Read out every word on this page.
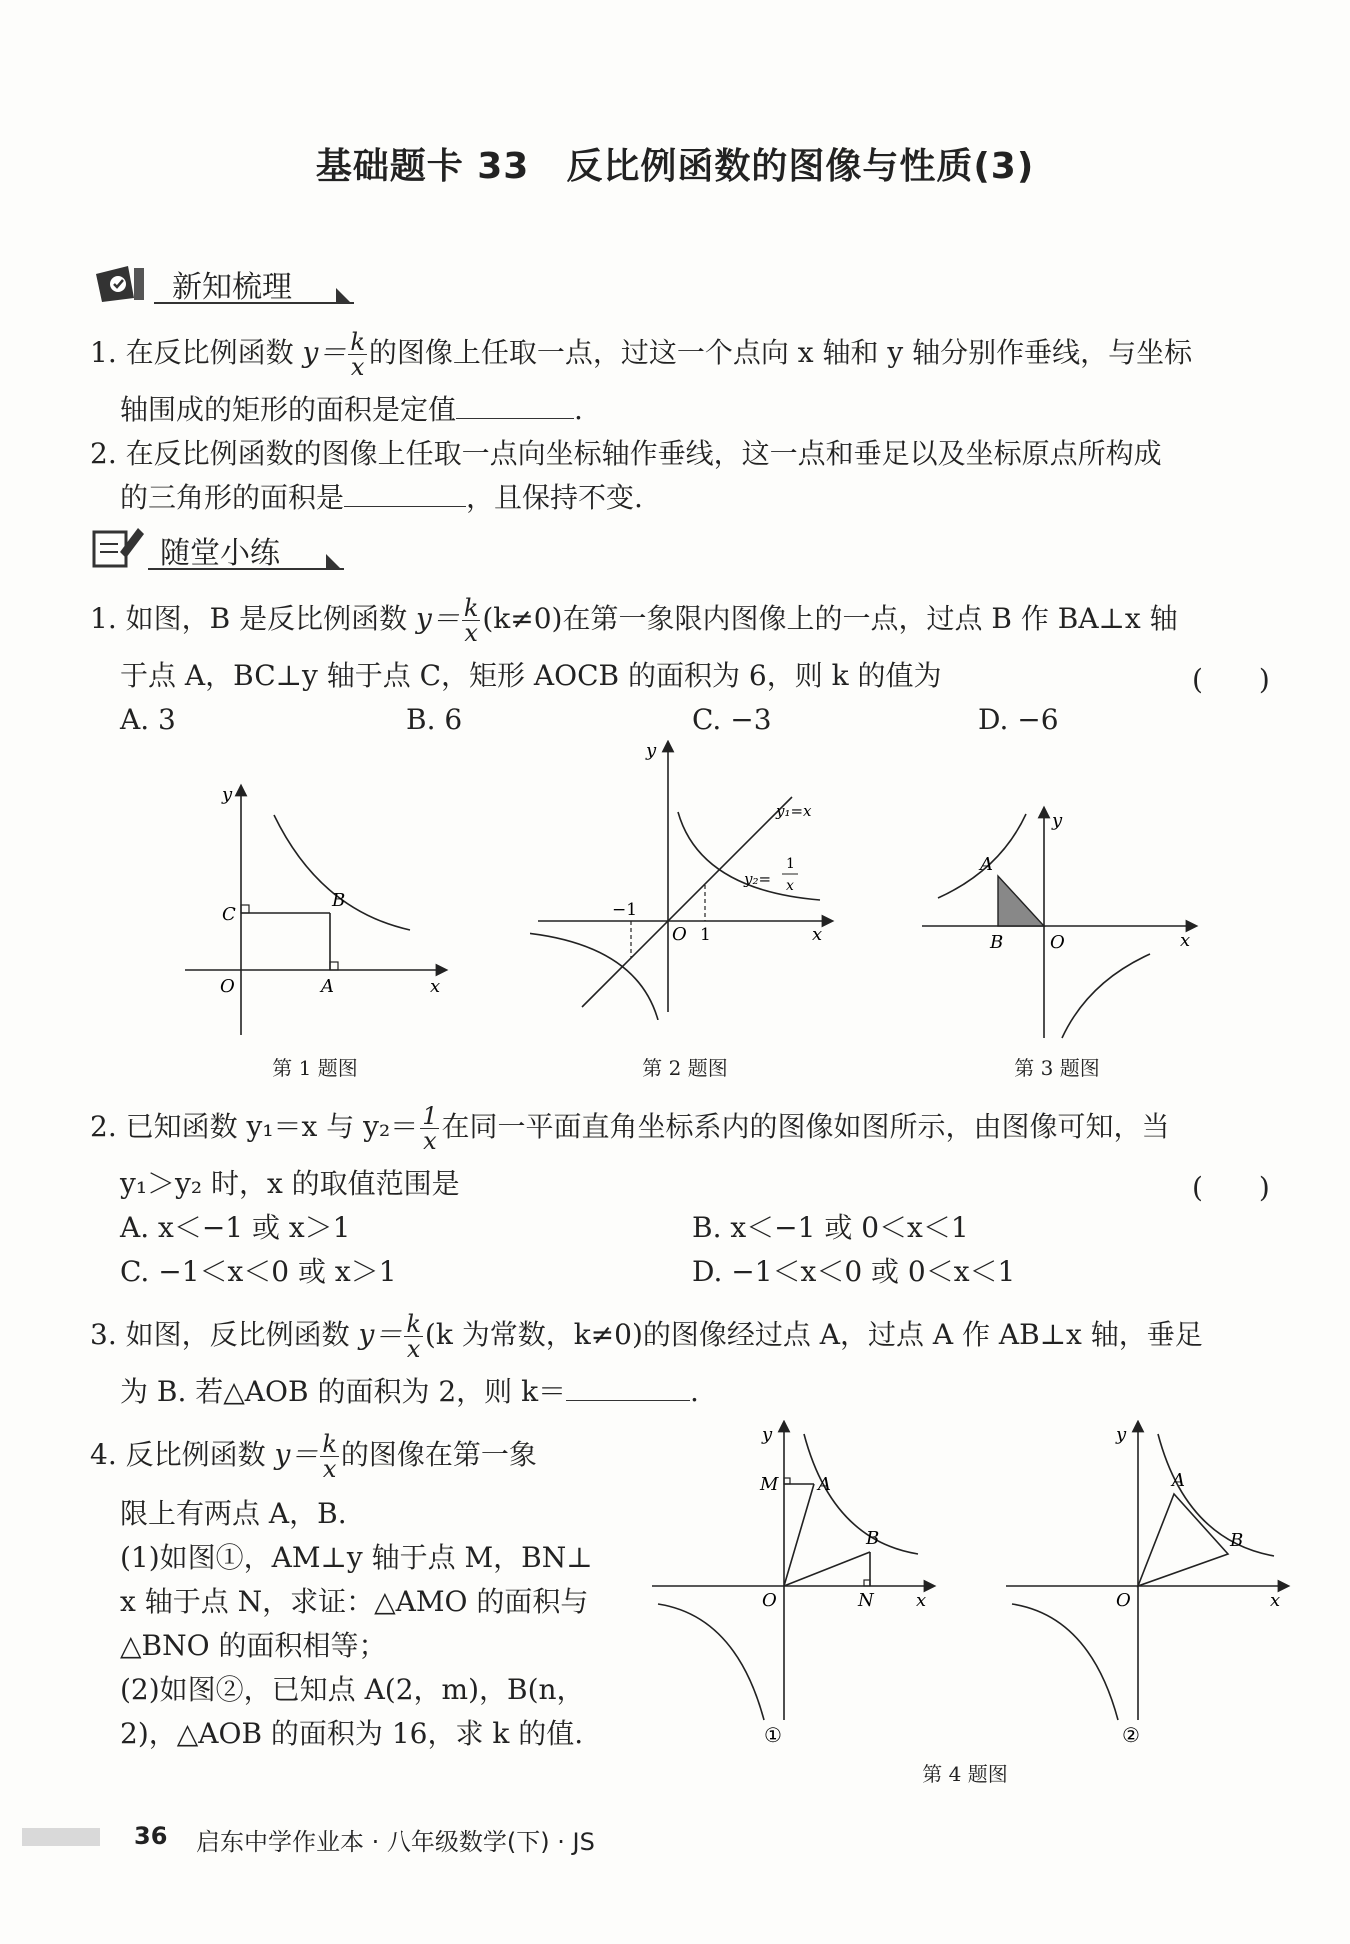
基础题卡 33　反比例函数的图像与性质(3)
新知梳理
1. 在反比例函数 $y= \frac{k}{x}$ 的图像上任取一点，过这一个点向 x 轴和 y 轴分别作垂线，与坐标
轴围成的矩形的面积是定值	.
2. 在反比例函数的图像上任取一点向坐标轴作垂线，这一点和垂足以及坐标原点所构成
的三角形的面积是	，且保持不变.
随堂小练
1. 如图，B 是反比例函数 $y= \frac{k}{x} (k\ne 0)$在第一象限内图像上的一点，过点 B 作 BA⊥x 轴
于点 A，BC⊥y 轴于点 C，矩形 AOCB 的面积为 6，则 k 的值为	(　　)
A. 3	B. 6	C. −3	D. −6
y
x
O	A
B
C
第 1 题图
y
x
O
−1
1
y₁=x
y₂=
1
x
第 2 题图
y
x
O
A
B
第 3 题图
2. 已知函数 y₁＝x 与 $y_2= \frac{1}{x}$ 在同一平面直角坐标系内的图像如图所示，由图像可知，当
y₁＞y₂ 时，x 的取值范围是	(　　)
A. x＜−1 或 x＞1	B. x＜−1 或 0＜x＜1
C. −1＜x＜0 或 x＞1	D. −1＜x＜0 或 0＜x＜1
3. 如图，反比例函数 $y= \frac{k}{x} (k$ 为常数，k≠0)的图像经过点 A，过点 A 作 AB⊥x 轴，垂足
为 B. 若△AOB 的面积为 2，则 k＝	.
4. 反比例函数 $y= \frac{k}{x}$ 的图像在第一象
限上有两点 A，B.
(1)如图①，AM⊥y 轴于点 M，BN⊥
x 轴于点 N，求证：△AMO 的面积与
△BNO 的面积相等；
(2)如图②，已知点 A(2，m)，B(n，
2)，△AOB 的面积为 16，求 k 的值.
y
x
O
M A
B
N
①
y
x
O
A
B
②
第 4 题图
36 启东中学作业本 · 八年级数学(下) · JS
